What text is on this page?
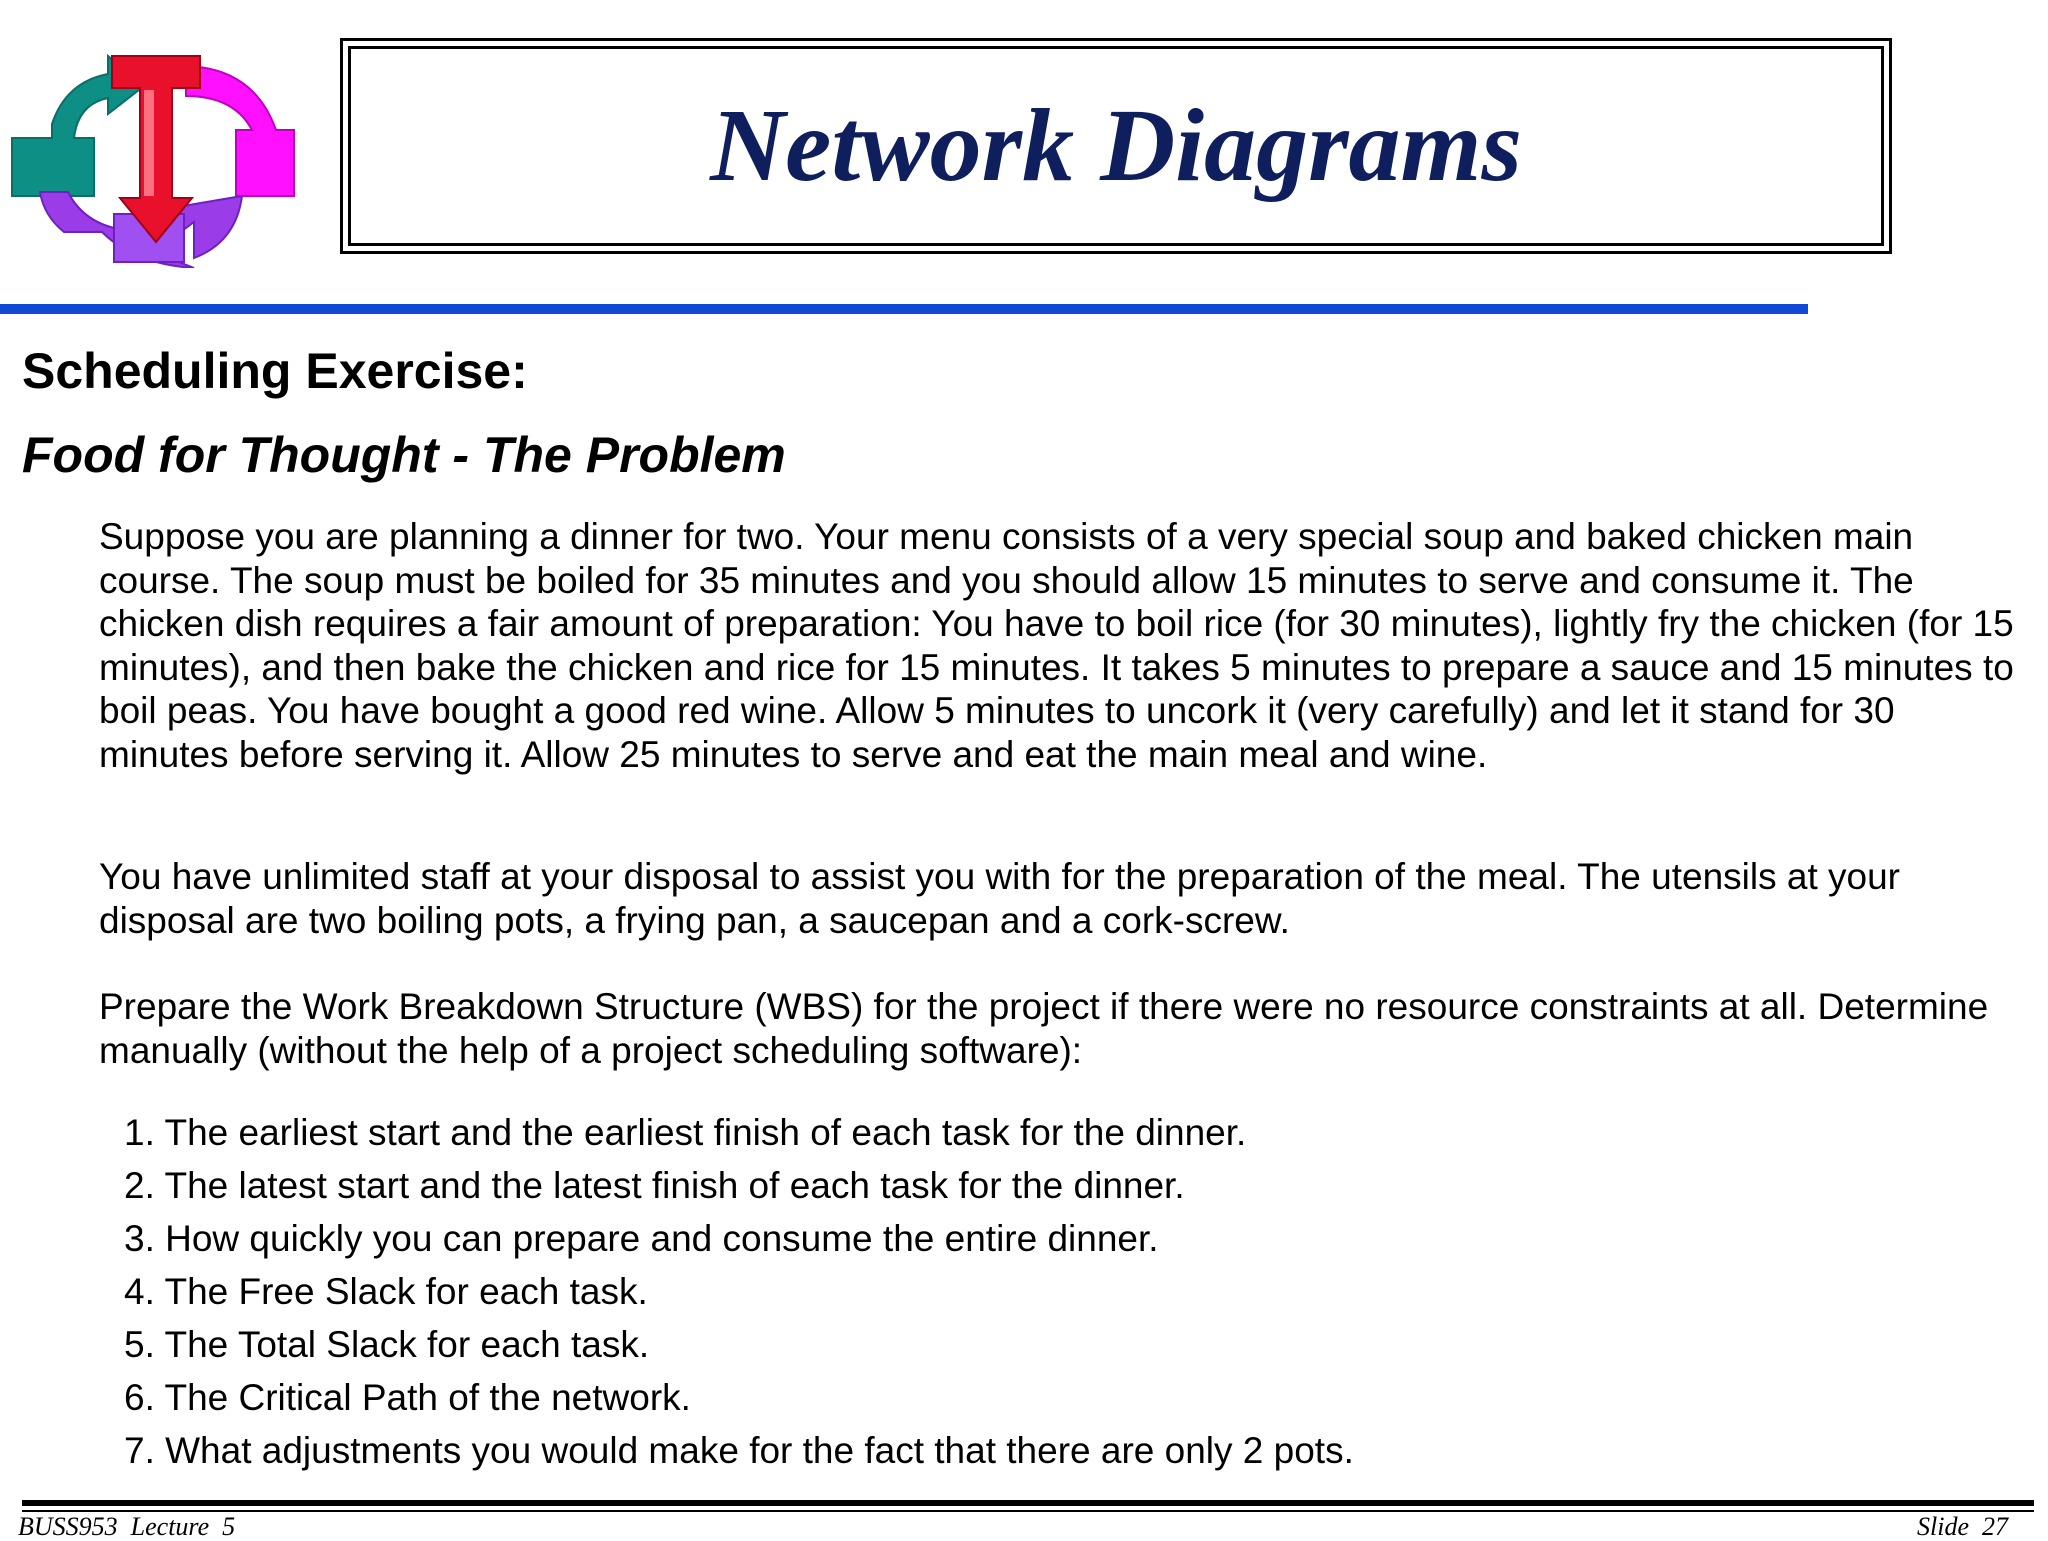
Network Diagrams
Scheduling Exercise:
Food for Thought - The Problem

Suppose you are planning a dinner for two. Your menu consists of a very special soup and baked chicken main course. The soup must be boiled for 35 minutes and you should allow 15 minutes to serve and consume it. The chicken dish requires a fair amount of preparation: You have to boil rice (for 30 minutes), lightly fry the chicken (for 15 minutes), and then bake the chicken and rice for 15 minutes. It takes 5 minutes to prepare a sauce and 15 minutes to boil peas. You have bought a good red wine. Allow 5 minutes to uncork it (very carefully) and let it stand for 30 minutes before serving it. Allow 25 minutes to serve and eat the main meal and wine.

You have unlimited staff at your disposal to assist you with for the preparation of the meal. The utensils at your disposal are two boiling pots, a frying pan, a saucepan and a cork-screw.

Prepare the Work Breakdown Structure (WBS) for the project if there were no resource constraints at all. Determine manually (without the help of a project scheduling software):

1. The earliest start and the earliest finish of each task for the dinner.
2. The latest start and the latest finish of each task for the dinner.
3. How quickly you can prepare and consume the entire dinner.
4. The Free Slack for each task.
5. The Total Slack for each task.
6. The Critical Path of the network.
7. What adjustments you would make for the fact that there are only 2 pots.
BUSS953  Lecture  5	Slide  27
